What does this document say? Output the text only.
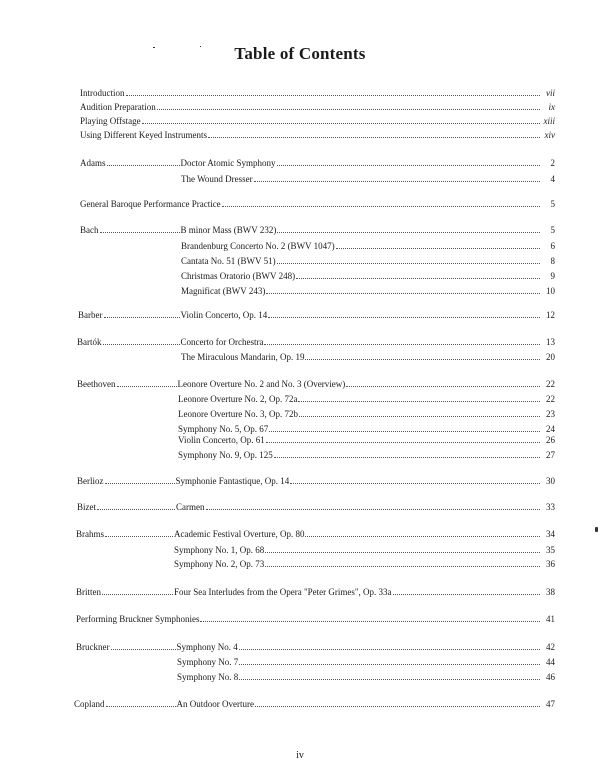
Table of Contents
Introduction	vii
Audition Preparation	ix
Playing Offstage	xiii
Using Different Keyed Instruments	xiv
Adams	Doctor Atomic Symphony	2
The Wound Dresser	4
General Baroque Performance Practice	5
Bach	B minor Mass (BWV 232)	5
Brandenburg Concerto No. 2 (BWV 1047)	6
Cantata No. 51 (BWV 51)	8
Christmas Oratorio (BWV 248)	9
Magnificat (BWV 243)	10
Barber	Violin Concerto, Op. 14	12
Bartók	Concerto for Orchestra	13
The Miraculous Mandarin, Op. 19	20
Beethoven	Leonore Overture No. 2 and No. 3 (Overview)	22
Leonore Overture No. 2, Op. 72a	22
Leonore Overture No. 3, Op. 72b	23
Symphony No. 5, Op. 67	24
Violin Concerto, Op. 61	26
Symphony No. 9, Op. 125	27
Berlioz	Symphonie Fantastique, Op. 14	30
Bizet	Carmen	33
Brahms	Academic Festival Overture, Op. 80	34
Symphony No. 1, Op. 68	35
Symphony No. 2, Op. 73	36
Britten	Four Sea Interludes from the Opera "Peter Grimes", Op. 33a	38
Performing Bruckner Symphonies	41
Bruckner	Symphony No. 4	42
Symphony No. 7	44
Symphony No. 8	46
Copland	An Outdoor Overture	47
iv
